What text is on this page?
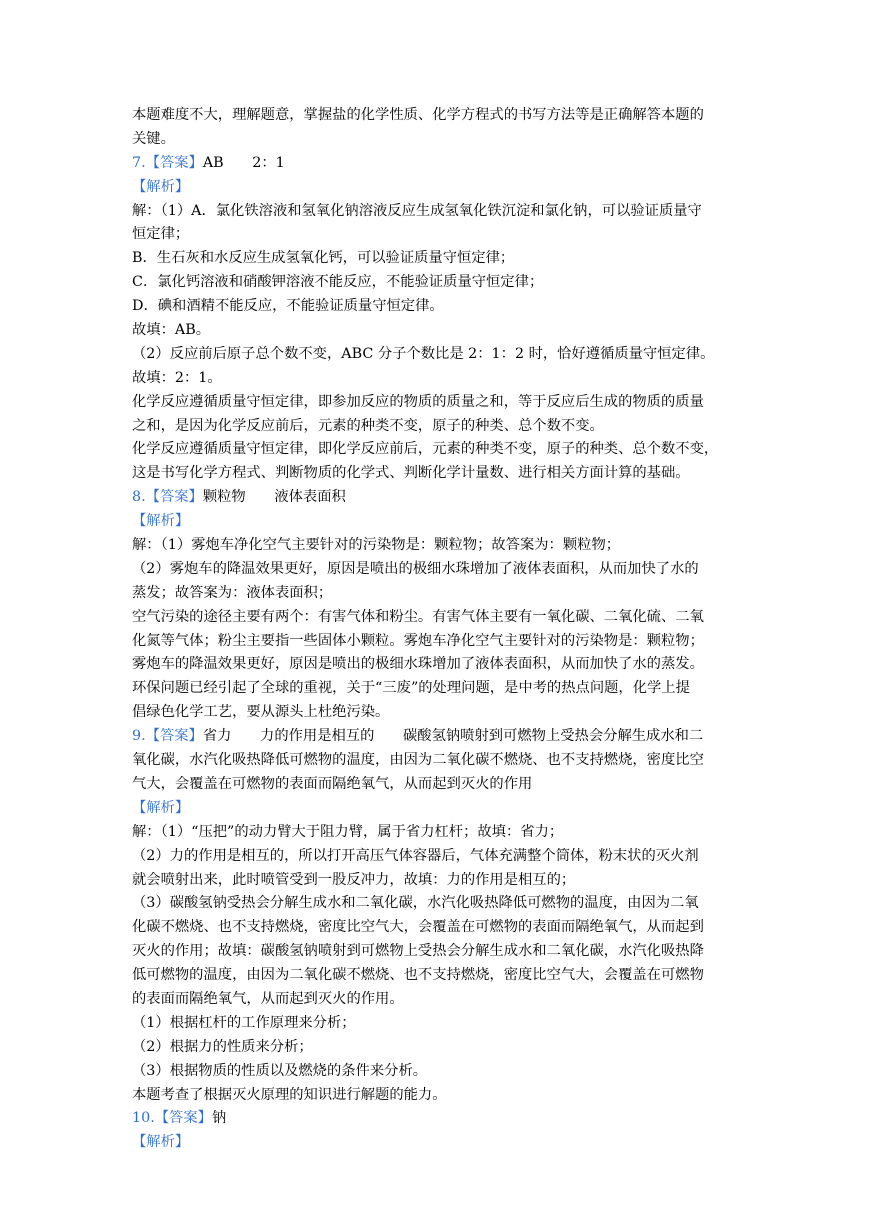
本题难度不大，理解题意，掌握盐的化学性质、化学方程式的书写方法等是正确解答本题的
关键。
7.【答案】AB　　2：1
【解析】
解：（1）A．氯化铁溶液和氢氧化钠溶液反应生成氢氧化铁沉淀和氯化钠，可以验证质量守
恒定律；
B．生石灰和水反应生成氢氧化钙，可以验证质量守恒定律；
C．氯化钙溶液和硝酸钾溶液不能反应，不能验证质量守恒定律；
D．碘和酒精不能反应，不能验证质量守恒定律。
故填：AB。
（2）反应前后原子总个数不变，ABC 分子个数比是 2：1：2 时，恰好遵循质量守恒定律。
故填：2：1。
化学反应遵循质量守恒定律，即参加反应的物质的质量之和，等于反应后生成的物质的质量
之和，是因为化学反应前后，元素的种类不变，原子的种类、总个数不变。
化学反应遵循质量守恒定律，即化学反应前后，元素的种类不变，原子的种类、总个数不变，
这是书写化学方程式、判断物质的化学式、判断化学计量数、进行相关方面计算的基础。
8.【答案】颗粒物　　液体表面积
【解析】
解：（1）雾炮车净化空气主要针对的污染物是：颗粒物；故答案为：颗粒物；
（2）雾炮车的降温效果更好，原因是喷出的极细水珠增加了液体表面积，从而加快了水的
蒸发；故答案为：液体表面积；
空气污染的途径主要有两个：有害气体和粉尘。有害气体主要有一氧化碳、二氧化硫、二氧
化氮等气体；粉尘主要指一些固体小颗粒。雾炮车净化空气主要针对的污染物是：颗粒物；
雾炮车的降温效果更好，原因是喷出的极细水珠增加了液体表面积，从而加快了水的蒸发。
环保问题已经引起了全球的重视，关于“三废”的处理问题，是中考的热点问题，化学上提
倡绿色化学工艺，要从源头上杜绝污染。
9.【答案】省力　　力的作用是相互的　　碳酸氢钠喷射到可燃物上受热会分解生成水和二
氧化碳，水汽化吸热降低可燃物的温度，由因为二氧化碳不燃烧、也不支持燃烧，密度比空
气大，会覆盖在可燃物的表面而隔绝氧气，从而起到灭火的作用
【解析】
解：（1）“压把”的动力臂大于阻力臂，属于省力杠杆；故填：省力；
（2）力的作用是相互的，所以打开高压气体容器后，气体充满整个筒体，粉末状的灭火剂
就会喷射出来，此时喷管受到一股反冲力，故填：力的作用是相互的；
（3）碳酸氢钠受热会分解生成水和二氧化碳，水汽化吸热降低可燃物的温度，由因为二氧
化碳不燃烧、也不支持燃烧，密度比空气大，会覆盖在可燃物的表面而隔绝氧气，从而起到
灭火的作用；故填：碳酸氢钠喷射到可燃物上受热会分解生成水和二氧化碳，水汽化吸热降
低可燃物的温度，由因为二氧化碳不燃烧、也不支持燃烧，密度比空气大，会覆盖在可燃物
的表面而隔绝氧气，从而起到灭火的作用。
（1）根据杠杆的工作原理来分析；
（2）根据力的性质来分析；
（3）根据物质的性质以及燃烧的条件来分析。
本题考查了根据灭火原理的知识进行解题的能力。
10.【答案】钠
【解析】
